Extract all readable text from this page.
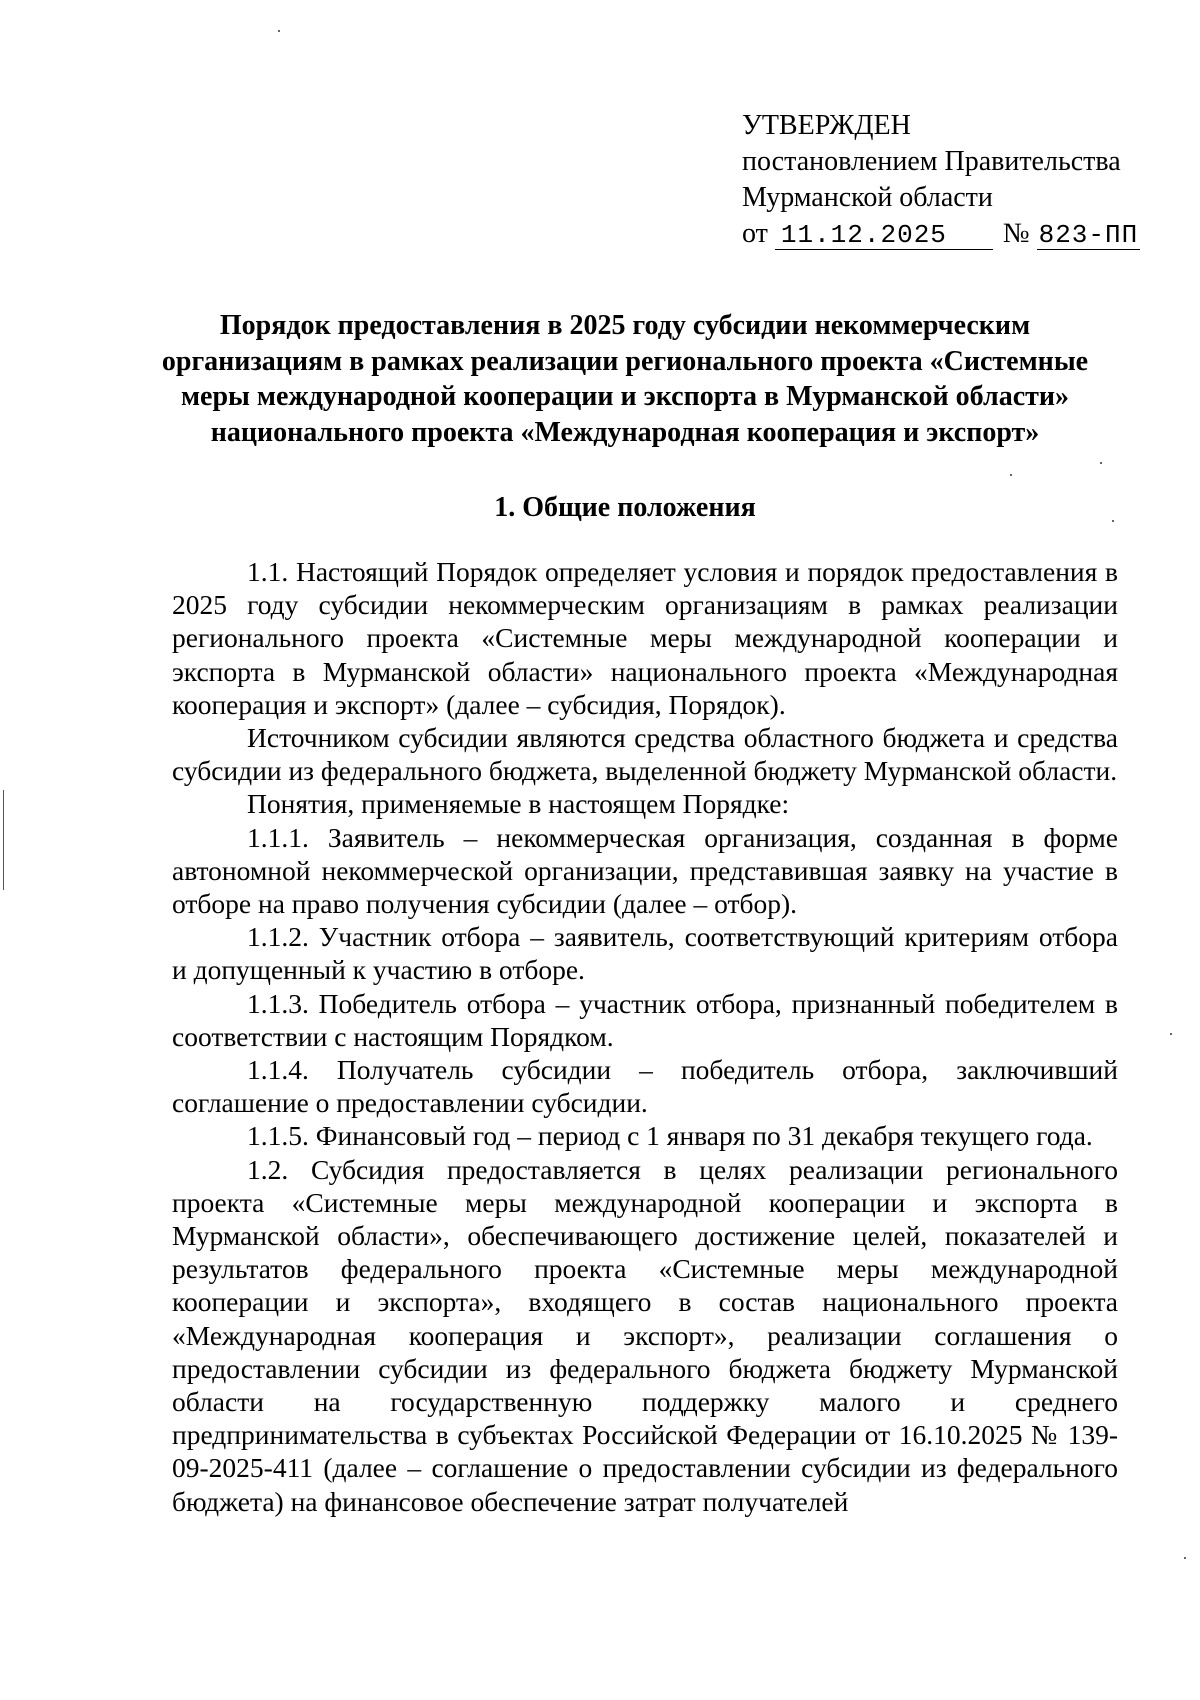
УТВЕРЖДЕН
постановлением Правительства
Мурманской области
от 11.12.2025 № 823-ПП
Порядок предоставления в 2025 году субсидии некоммерческим организациям в рамках реализации регионального проекта «Системные меры международной кооперации и экспорта в Мурманской области» национального проекта «Международная кооперация и экспорт»
1. Общие положения

1.1. Настоящий Порядок определяет условия и порядок предоставления в 2025 году субсидии некоммерческим организациям в рамках реализации регионального проекта «Системные меры международной кооперации и экспорта в Мурманской области» национального проекта «Международная кооперация и экспорт» (далее – субсидия, Порядок).

Источником субсидии являются средства областного бюджета и средства субсидии из федерального бюджета, выделенной бюджету Мурманской области.

Понятия, применяемые в настоящем Порядке:

1.1.1. Заявитель – некоммерческая организация, созданная в форме автономной некоммерческой организации, представившая заявку на участие в отборе на право получения субсидии (далее – отбор).

1.1.2. Участник отбора – заявитель, соответствующий критериям отбора и допущенный к участию в отборе.

1.1.3. Победитель отбора – участник отбора, признанный победителем в соответствии с настоящим Порядком.

1.1.4. Получатель субсидии – победитель отбора, заключивший соглашение о предоставлении субсидии.

1.1.5. Финансовый год – период с 1 января по 31 декабря текущего года.

1.2. Субсидия предоставляется в целях реализации регионального проекта «Системные меры международной кооперации и экспорта в Мурманской области», обеспечивающего достижение целей, показателей и результатов федерального проекта «Системные меры международной кооперации и экспорта», входящего в состав национального проекта «Международная кооперация и экспорт», реализации соглашения о предоставлении субсидии из федерального бюджета бюджету Мурманской области на государственную поддержку малого и среднего предпринимательства в субъектах Российской Федерации от 16.10.2025 № 139-09-2025-411 (далее – соглашение о предоставлении субсидии из федерального бюджета) на финансовое обеспечение затрат получателей
